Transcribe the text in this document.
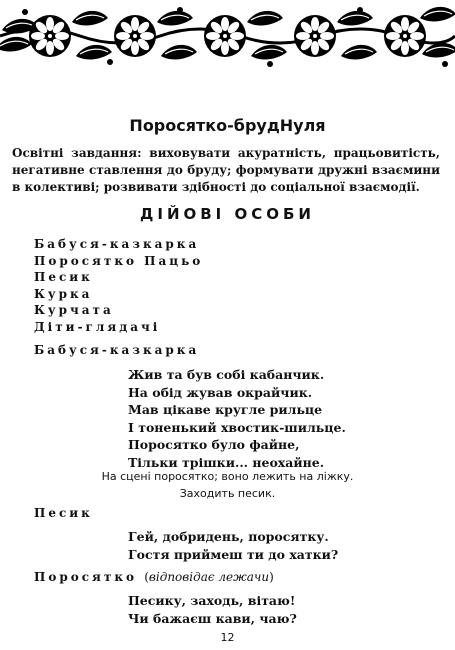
Поросятко-брудНуля
Освітні завдання: виховувати акуратність, працьовитість, негативне ставлення до бруду; формувати дружні взаємини в колективі; розвивати здібності до соціальної взаємодії.
ДІЙОВІ ОСОБИ
Бабуся-казкарка
Поросятко Пацьо
Песик
Курка
Курчата
Діти-глядачі
Бабуся-казкарка
Жив та був собі кабанчик.
На обід жував окрайчик.
Мав цікаве кругле рильце
І тоненький хвостик-шильце.
Поросятко було файне,
Тільки трішки... неохайне.
На сцені поросятко; воно лежить на ліжку.
Заходить песик.
Песик
Гей, добридень, поросятку.
Гостя приймеш ти до хатки?
Поросятко (відповідає лежачи)
Песику, заходь, вітаю!
Чи бажаєш кави, чаю?
12
